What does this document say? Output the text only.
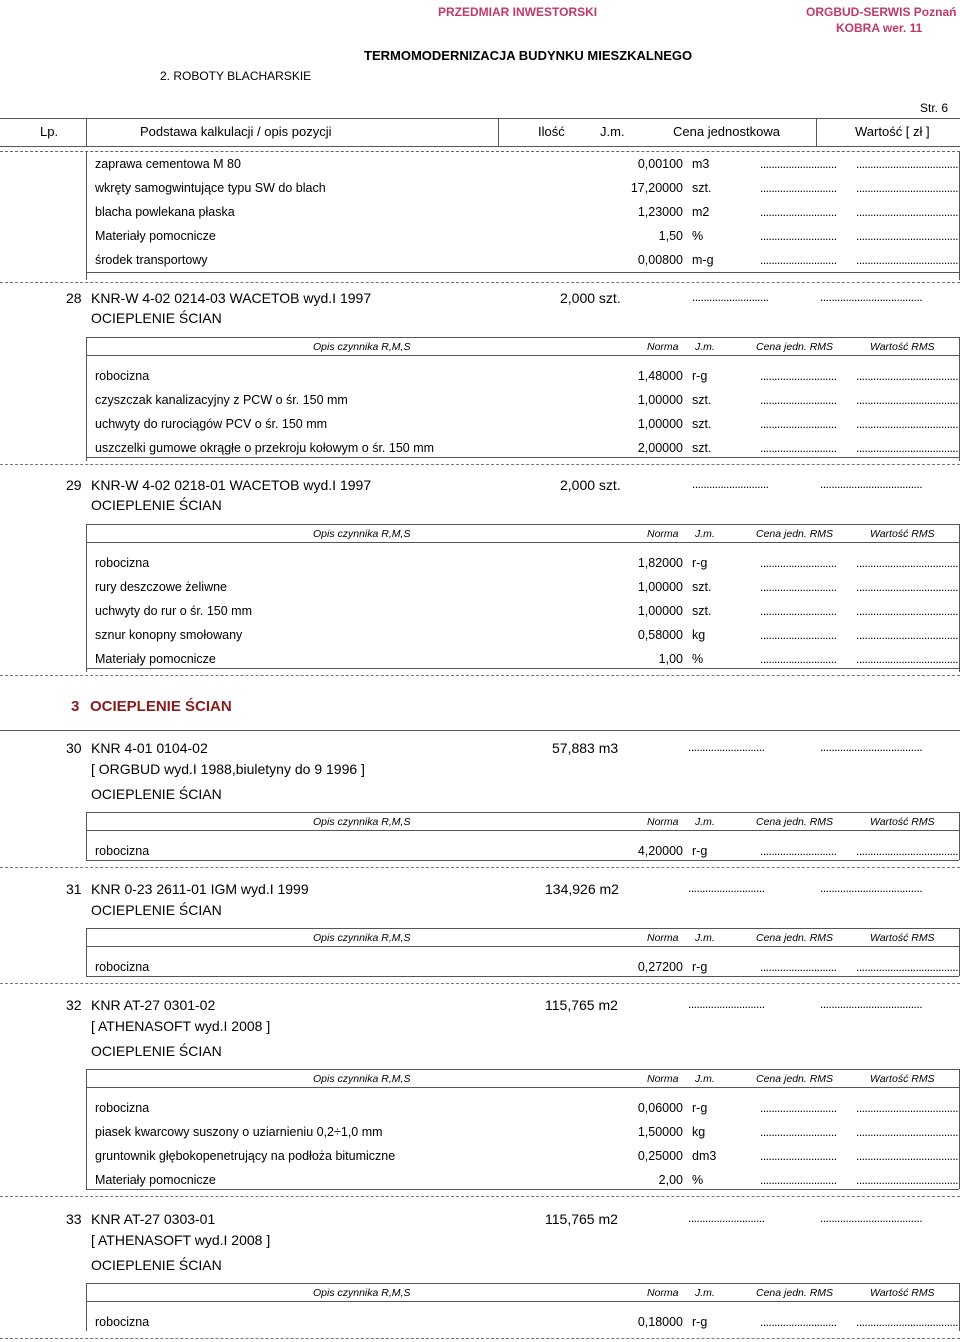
PRZEDMIAR INWESTORSKI	ORGBUD-SERWIS Poznań
KOBRA wer. 11
TERMOMODERNIZACJA BUDYNKU MIESZKALNEGO
2. ROBOTY BLACHARSKIE
Str. 6
Lp.	Podstawa kalkulacji / opis pozycji	Ilość	J.m.	Cena jednostkowa	Wartość [ zł ]
zaprawa cementowa M 80	0,00100 m3	........................... ....................................
wkręty samogwintujące typu SW do blach	17,20000 szt.	........................... ....................................
blacha powlekana płaska	1,23000 m2	........................... ....................................
Materiały pomocnicze	1,50 %	........................... ....................................
środek transportowy	0,00800 m-g	........................... ....................................
28 KNR-W 4-02 0214-03 WACETOB wyd.I 1997	2,000 szt.	...........................	....................................
OCIEPLENIE ŚCIAN
Opis czynnika R,M,S	Norma J.m.	Cena jedn. RMS	Wartość RMS
robocizna	1,48000 r-g	........................... ....................................
czyszczak kanalizacyjny z PCW o śr. 150 mm	1,00000 szt.	........................... ....................................
uchwyty do rurociągów PCV o śr. 150 mm	1,00000 szt.	........................... ....................................
uszczelki gumowe okrągłe o przekroju kołowym o śr. 150 mm	2,00000 szt.	........................... ....................................
29 KNR-W 4-02 0218-01 WACETOB wyd.I 1997	2,000 szt.	...........................	....................................
OCIEPLENIE ŚCIAN
Opis czynnika R,M,S	Norma J.m.	Cena jedn. RMS	Wartość RMS
robocizna	1,82000 r-g	........................... ....................................
rury deszczowe żeliwne	1,00000 szt.	........................... ....................................
uchwyty do rur o śr. 150 mm	1,00000 szt.	........................... ....................................
sznur konopny smołowany	0,58000 kg	........................... ....................................
Materiały pomocnicze	1,00 %	........................... ....................................
3 OCIEPLENIE ŚCIAN
30 KNR 4-01 0104-02	57,883 m3	...........................	....................................
[ ORGBUD wyd.I 1988,biuletyny do 9 1996 ]
OCIEPLENIE ŚCIAN
Opis czynnika R,M,S	Norma J.m.	Cena jedn. RMS	Wartość RMS
robocizna	4,20000 r-g	........................... ....................................
31 KNR 0-23 2611-01 IGM wyd.I 1999	134,926 m2	...........................	....................................
OCIEPLENIE ŚCIAN
Opis czynnika R,M,S	Norma J.m.	Cena jedn. RMS	Wartość RMS
robocizna	0,27200 r-g	........................... ....................................
32 KNR AT-27 0301-02	115,765 m2	...........................	....................................
[ ATHENASOFT wyd.I 2008 ]
OCIEPLENIE ŚCIAN
Opis czynnika R,M,S	Norma J.m.	Cena jedn. RMS	Wartość RMS
robocizna	0,06000 r-g	........................... ....................................
piasek kwarcowy suszony o uziarnieniu 0,2÷1,0 mm	1,50000 kg	........................... ....................................
gruntownik głębokopenetrujący na podłoża bitumiczne	0,25000 dm3	........................... ....................................
Materiały pomocnicze	2,00 %	........................... ....................................
33 KNR AT-27 0303-01	115,765 m2	...........................	....................................
[ ATHENASOFT wyd.I 2008 ]
OCIEPLENIE ŚCIAN
Opis czynnika R,M,S	Norma J.m.	Cena jedn. RMS	Wartość RMS
robocizna	0,18000 r-g	........................... ....................................
